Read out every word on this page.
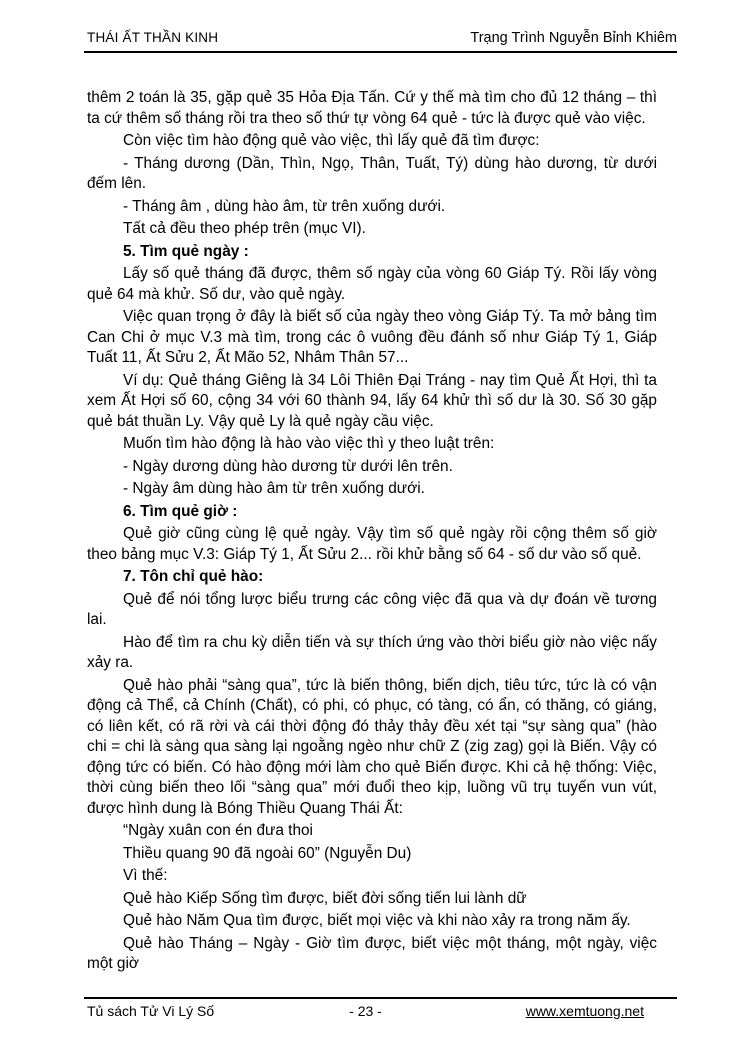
THÁI ẤT THẦN KINH	Trạng Trình Nguyễn Bỉnh Khiêm

thêm 2 toán là 35, gặp quẻ 35 Hỏa Địa Tấn. Cứ y thế mà tìm cho đủ 12 tháng – thì ta cứ thêm số tháng rồi tra theo số thứ tự vòng 64 quẻ - tức là được quẻ vào việc.

Còn việc tìm hào động quẻ vào việc, thì lấy quẻ đã tìm được:

- Tháng dương (Dần, Thìn, Ngọ, Thân, Tuất, Tý) dùng hào dương, từ dưới đếm lên.

- Tháng âm , dùng hào âm, từ trên xuống dưới.

Tất cả đều theo phép trên (mục VI).

5. Tìm quẻ ngày :

Lấy số quẻ tháng đã được, thêm số ngày của vòng 60 Giáp Tý. Rồi lấy vòng quẻ 64 mà khử. Số dư, vào quẻ ngày.

Việc quan trọng ở đây là biết số của ngày theo vòng Giáp Tý. Ta mở bảng tìm Can Chi ở mục V.3 mà tìm, trong các ô vuông đều đánh số như Giáp Tý 1, Giáp Tuất 11, Ất Sửu 2, Ất Mão 52, Nhâm Thân 57...

Ví dụ: Quẻ tháng Giêng là 34 Lôi Thiên Đại Tráng - nay tìm Quẻ Ất Hợi, thì ta xem Ất Hợi số 60, cộng 34 với 60 thành 94, lấy 64 khử thì số dư là 30. Số 30 gặp quẻ bát thuần Ly. Vậy quẻ Ly là quẻ ngày cầu việc.

Muốn tìm hào động là hào vào việc thì y theo luật trên:

- Ngày dương dùng hào dương từ dưới lên trên.

- Ngày âm dùng hào âm từ trên xuống dưới.

6. Tìm quẻ giờ :

Quẻ giờ cũng cùng lệ quẻ ngày. Vậy tìm số quẻ ngày rồi cộng thêm số giờ theo bảng mục V.3: Giáp Tý 1, Ất Sửu 2... rồi khử bằng số 64 - số dư vào số quẻ.

7. Tôn chỉ quẻ hào:

Quẻ để nói tổng lược biểu trưng các công việc đã qua và dự đoán về tương lai.

Hào để tìm ra chu kỳ diễn tiến và sự thích ứng vào thời biểu giờ nào việc nấy xảy ra.

Quẻ hào phải “sàng qua”, tức là biến thông, biến dịch, tiêu tức, tức là có vận động cả Thể, cả Chính (Chất), có phi, có phục, có tàng, có ẩn, có thăng, có giáng, có liên kết, có rã rời và cái thời động đó thảy thảy đều xét tại “sự sàng qua” (hào chi = chi là sàng qua sàng lại ngoằng ngèo như chữ Z (zig zag) gọi là Biến. Vậy có động tức có biến. Có hào động mới làm cho quẻ Biến được. Khi cả hệ thống: Việc, thời cùng biến theo lối “sàng qua” mới đuổi theo kịp, luồng vũ trụ tuyến vun vút, được hình dung là Bóng Thiều Quang Thái Ất:

“Ngày xuân con én đưa thoi

Thiều quang 90 đã ngoài 60” (Nguyễn Du)

Vì thế:

Quẻ hào Kiếp Sống tìm được, biết đời sống tiến lui lành dữ

Quẻ hào Năm Qua tìm được, biết mọi việc và khi nào xảy ra trong năm ấy.

Quẻ hào Tháng – Ngày - Giờ tìm được, biết việc một tháng, một ngày, việc một giờ

Tủ sách Tử Vi Lý Số	- 23 -	www.xemtuong.net
